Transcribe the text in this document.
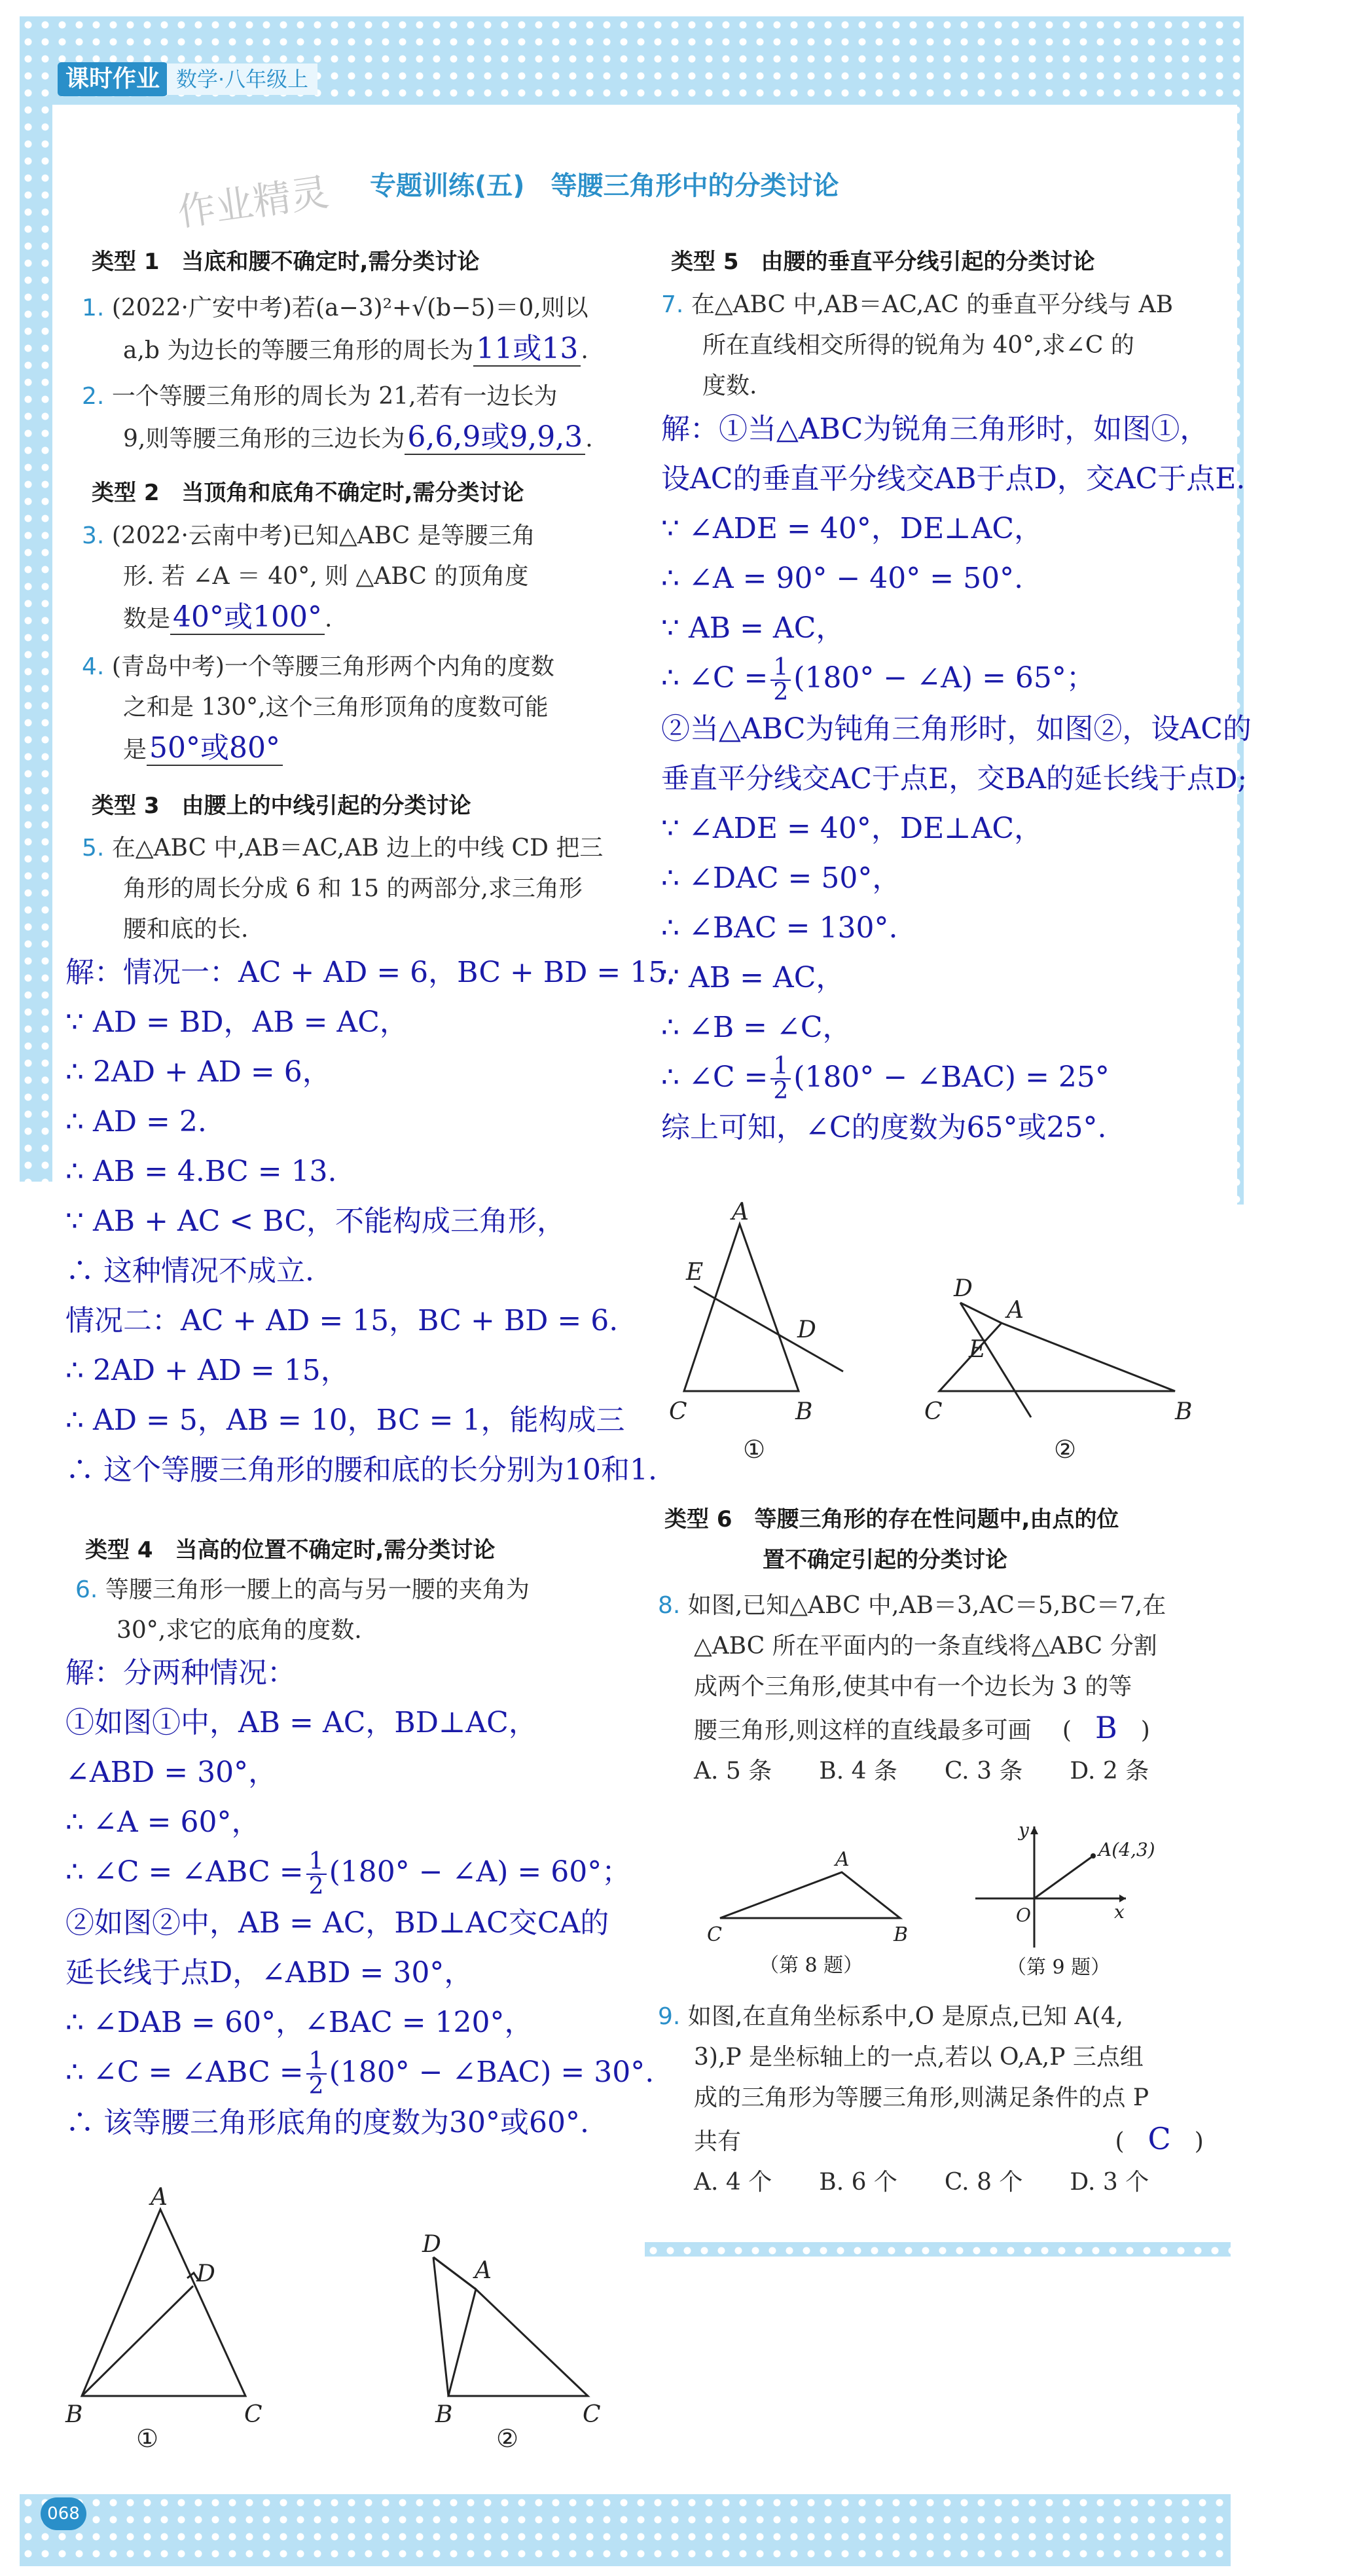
课时作业 数学·八年级上
作业精灵 专题训练(五)　等腰三角形中的分类讨论
类型 1　当底和腰不确定时,需分类讨论
1. (2022·广安中考)若(a−3)²+√(b−5)＝0,则以
a,b 为边长的等腰三角形的周长为11或13 .
2. 一个等腰三角形的周长为 21,若有一边长为
9,则等腰三角形的三边长为6,6,9或9,9,3 .
类型 2　当顶角和底角不确定时,需分类讨论
3. (2022·云南中考)已知△ABC 是等腰三角
形. 若 ∠A ＝ 40°, 则 △ABC 的顶角度
数是40°或100° .
4. (青岛中考)一个等腰三角形两个内角的度数
之和是 130°,这个三角形顶角的度数可能
是50°或80°
类型 3　由腰上的中线引起的分类讨论
5. 在△ABC 中,AB＝AC,AB 边上的中线 CD 把三
角形的周长分成 6 和 15 的两部分,求三角形
腰和底的长.
解：情况一：AC + AD = 6，BC + BD = 15.
∵ AD = BD，AB = AC，
∴ 2AD + AD = 6，
∴ AD = 2.
∴ AB = 4.BC = 13.
∵ AB + AC < BC，不能构成三角形，
∴ 这种情况不成立.
情况二：AC + AD = 15，BC + BD = 6.
∴ 2AD + AD = 15，
∴ AD = 5，AB = 10，BC = 1，能构成三
∴ 这个等腰三角形的腰和底的长分别为10和1.
类型 4　当高的位置不确定时,需分类讨论
6. 等腰三角形一腰上的高与另一腰的夹角为
30°,求它的底角的度数.
解：分两种情况：
①如图①中，AB = AC，BD⊥AC，
∠ABD = 30°，
∴ ∠A = 60°，
∴ ∠C = ∠ABC = $\frac{1}{2} (180^\circ$ − ∠A) = 60°；
②如图②中，AB = AC，BD⊥AC交CA的
延长线于点D，∠ABD = 30°，
∴ ∠DAB = 60°，∠BAC = 120°，
∴ ∠C = ∠ABC = $\frac{1}{2} (180^\circ$ − ∠BAC) = 30°.
∴ 该等腰三角形底角的度数为30°或60°.
A
B	C
D
D
A
B	C
①	②
类型 5　由腰的垂直平分线引起的分类讨论
7. 在△ABC 中,AB＝AC,AC 的垂直平分线与 AB
所在直线相交所得的锐角为 40°,求∠C 的
度数.
解：①当△ABC为锐角三角形时，如图①，
设AC的垂直平分线交AB于点D，交AC于点E.
∵ ∠ADE = 40°，DE⊥AC，
∴ ∠A = 90° − 40° = 50°.
∵ AB = AC，
∴ ∠C = $\frac{1}{2} (180^\circ$ − ∠A) = 65°；
②当△ABC为钝角三角形时，如图②，设AC的
垂直平分线交AC于点E，交BA的延长线于点D;
∵ ∠ADE = 40°，DE⊥AC，
∴ ∠DAC = 50°，
∴ ∠BAC = 130°.
∵ AB = AC，
∴ ∠B = ∠C，
∴ ∠C = $\frac{1}{2} (180^\circ$ − ∠BAC) = 25°
综上可知，∠C的度数为65°或25°.
A
C	B
E
D
D
A
E
C	B
①	②
类型 6　等腰三角形的存在性问题中,由点的位
置不确定引起的分类讨论
8. 如图,已知△ABC 中,AB＝3,AC＝5,BC＝7,在
△ABC 所在平面内的一条直线将△ABC 分割
成两个三角形,使其中有一个边长为 3 的等
腰三角形,则这样的直线最多可画 (　B　)
A. 5 条　　B. 4 条　　C. 3 条　　D. 2 条
A
C	B
（第 8 题）
y
x
O
A(4,3)
（第 9 题）
9. 如图,在直角坐标系中,O 是原点,已知 A(4,
3),P 是坐标轴上的一点,若以 O,A,P 三点组
成的三角形为等腰三角形,则满足条件的点 P
共有	(　C　)
A. 4 个　　B. 6 个　　C. 8 个　　D. 3 个
068
